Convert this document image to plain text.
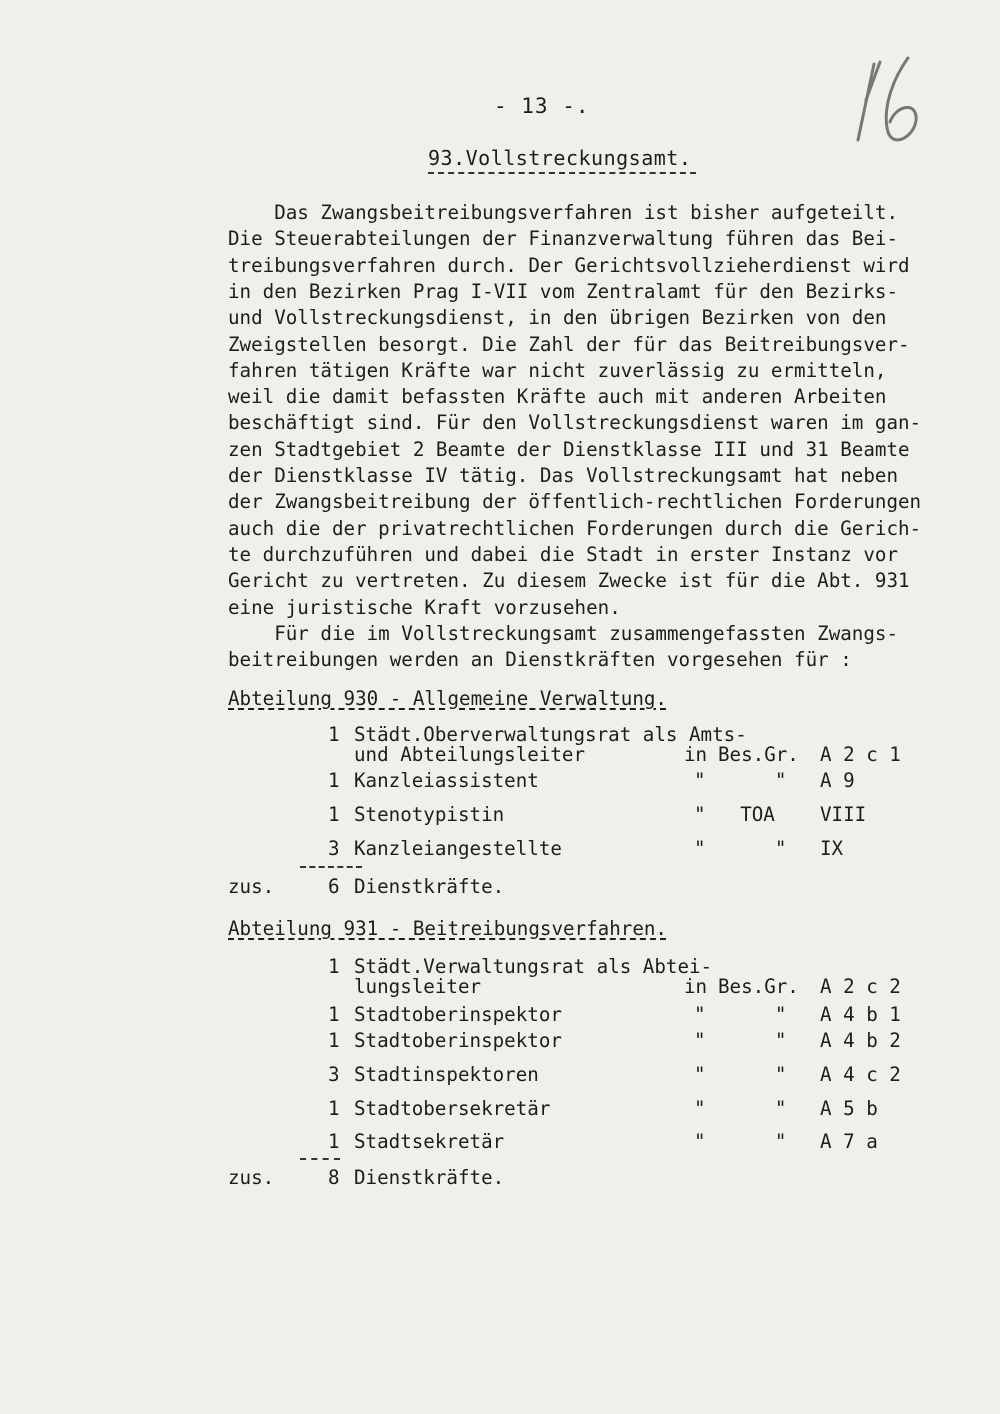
- 13 -.
93.Vollstreckungsamt.
Das Zwangsbeitreibungsverfahren ist bisher aufgeteilt.
Die Steuerabteilungen der Finanzverwaltung führen das Bei-
treibungsverfahren durch. Der Gerichtsvollzieherdienst wird
in den Bezirken Prag I-VII vom Zentralamt für den Bezirks-
und Vollstreckungsdienst, in den übrigen Bezirken von den
Zweigstellen besorgt. Die Zahl der für das Beitreibungsver-
fahren tätigen Kräfte war nicht zuverlässig zu ermitteln,
weil die damit befassten Kräfte auch mit anderen Arbeiten
beschäftigt sind. Für den Vollstreckungsdienst waren im gan-
zen Stadtgebiet 2 Beamte der Dienstklasse III und 31 Beamte
der Dienstklasse IV tätig. Das Vollstreckungsamt hat neben
der Zwangsbeitreibung der öffentlich-rechtlichen Forderungen
auch die der privatrechtlichen Forderungen durch die Gerich-
te durchzuführen und dabei die Stadt in erster Instanz vor
Gericht zu vertreten. Zu diesem Zwecke ist für die Abt. 931
eine juristische Kraft vorzusehen.
Für die im Vollstreckungsamt zusammengefassten Zwangs-
beitreibungen werden an Dienstkräften vorgesehen für :
Abteilung 930 - Allgemeine Verwaltung.
1 Städt.Oberverwaltungsrat als Amts-
und Abteilungsleiter	in Bes.Gr. A 2 c 1
1 Kanzleiassistent	"      " A 9
1 Stenotypistin	"   TOA VIII
3 Kanzleiangestellte	"      " IX
zus.	6 Dienstkräfte.
Abteilung 931 - Beitreibungsverfahren.
1 Städt.Verwaltungsrat als Abtei-
lungsleiter	in Bes.Gr. A 2 c 2
1 Stadtoberinspektor	"      " A 4 b 1
1 Stadtoberinspektor	"      " A 4 b 2
3 Stadtinspektoren	"      " A 4 c 2
1 Stadtobersekretär	"      " A 5 b
1 Stadtsekretär	"      " A 7 a
zus.	8 Dienstkräfte.
